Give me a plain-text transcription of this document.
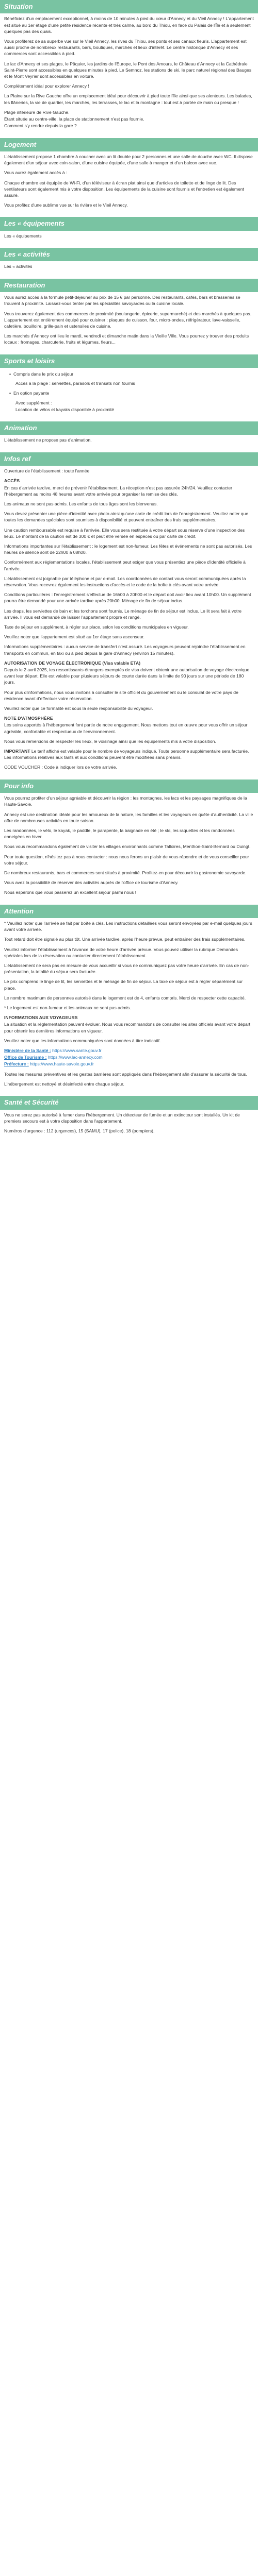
Situation

Bénéficiez d'un emplacement exceptionnel, à moins de 10 minutes à pied du cœur d'Annecy et du Vieil Annecy ! L'appartement est situé au 1er étage d'une petite résidence récente et très calme, au bord du Thiou, en face du Palais de l'Île et à seulement quelques pas des quais.

Vous profiterez de sa superbe vue sur le Vieil Annecy, les rives du Thiou, ses ponts et ses canaux fleuris. L'appartement est aussi proche de nombreux restaurants, bars, boutiques, marchés et lieux d'intérêt. Le centre historique d'Annecy et ses commerces sont accessibles à pied.

Le lac d'Annecy et ses plages, le Pâquier, les jardins de l'Europe, le Pont des Amours, le Château d'Annecy et la Cathédrale Saint-Pierre sont accessibles en quelques minutes à pied. Le Semnoz, les stations de ski, le parc naturel régional des Bauges et le Mont Veyrier sont accessibles en voiture.

Complètement idéal pour explorer Annecy !

La Plaine sur la Rive Gauche offre un emplacement idéal pour découvrir à pied toute l'île ainsi que ses alentours. Les balades, les flâneries, la vie de quartier, les marchés, les terrasses, le lac et la montagne : tout est à portée de main ou presque !

Plage intérieure de Rive Gauche.

Étant située au centre-ville, la place de stationnement n'est pas fournie.

Comment s'y rendre depuis la gare ?

Logement

L'établissement propose 1 chambre à coucher avec un lit double pour 2 personnes et une salle de douche avec WC. Il dispose également d'un séjour avec coin-salon, d'une cuisine équipée, d'une salle à manger et d'un balcon avec vue.

Vous aurez également accès à :

Chaque chambre est équipée de Wi-Fi, d'un téléviseur à écran plat ainsi que d'articles de toilette et de linge de lit. Des ventilateurs sont également mis à votre disposition. Les équipements de la cuisine sont fournis et l'entretien est également assuré.

Vous profitez d'une sublime vue sur la rivière et le Vieil Annecy.

Les « équipements

Les « équipements

Les « activités

Les « activités

Restauration

Vous aurez accès à la formule petit-déjeuner au prix de 15 € par personne. Des restaurants, cafés, bars et brasseries se trouvent à proximité. Laissez-vous tenter par les spécialités savoyardes ou la cuisine locale.

Vous trouverez également des commerces de proximité (boulangerie, épicerie, supermarché) et des marchés à quelques pas. L'appartement est entièrement équipé pour cuisiner : plaques de cuisson, four, micro-ondes, réfrigérateur, lave-vaisselle, cafetière, bouilloire, grille-pain et ustensiles de cuisine.

Les marchés d'Annecy ont lieu le mardi, vendredi et dimanche matin dans la Vieille Ville. Vous pourrez y trouver des produits locaux : fromages, charcuterie, fruits et légumes, fleurs...

Sports et loisirs
• Compris dans le prix du séjour

Accès à la plage : serviettes, parasols et transats non fournis

• En option payante

Avec supplément :

Location de vélos et kayaks disponible à proximité

Animation

L'établissement ne propose pas d'animation.

Infos ref

Ouverture de l'établissement : toute l'année

ACCÈS

En cas d'arrivée tardive, merci de prévenir l'établissement. La réception n'est pas assurée 24h/24. Veuillez contacter l'hébergement au moins 48 heures avant votre arrivée pour organiser la remise des clés.

Les animaux ne sont pas admis. Les enfants de tous âges sont les bienvenus.

Vous devez présenter une pièce d'identité avec photo ainsi qu'une carte de crédit lors de l'enregistrement. Veuillez noter que toutes les demandes spéciales sont soumises à disponibilité et peuvent entraîner des frais supplémentaires.

Une caution remboursable est requise à l'arrivée. Elle vous sera restituée à votre départ sous réserve d'une inspection des lieux. Le montant de la caution est de 300 € et peut être versée en espèces ou par carte de crédit.

Informations importantes sur l'établissement : le logement est non-fumeur. Les fêtes et événements ne sont pas autorisés. Les heures de silence sont de 22h00 à 08h00.

Conformément aux réglementations locales, l'établissement peut exiger que vous présentiez une pièce d'identité officielle à l'arrivée.

L'établissement est joignable par téléphone et par e-mail. Les coordonnées de contact vous seront communiquées après la réservation. Vous recevrez également les instructions d'accès et le code de la boîte à clés avant votre arrivée.

Conditions particulières : l'enregistrement s'effectue de 16h00 à 20h00 et le départ doit avoir lieu avant 10h00. Un supplément pourra être demandé pour une arrivée tardive après 20h00. Ménage de fin de séjour inclus.

Les draps, les serviettes de bain et les torchons sont fournis. Le ménage de fin de séjour est inclus. Le lit sera fait à votre arrivée. Il vous est demandé de laisser l'appartement propre et rangé.

Taxe de séjour en supplément, à régler sur place, selon les conditions municipales en vigueur.

Veuillez noter que l'appartement est situé au 1er étage sans ascenseur.

Informations supplémentaires : aucun service de transfert n'est assuré. Les voyageurs peuvent rejoindre l'établissement en transports en commun, en taxi ou à pied depuis la gare d'Annecy (environ 15 minutes).

AUTORISATION DE VOYAGE ÉLECTRONIQUE (Visa valable ETA)

Depuis le 2 avril 2025, les ressortissants étrangers exemptés de visa doivent obtenir une autorisation de voyage électronique avant leur départ. Elle est valable pour plusieurs séjours de courte durée dans la limite de 90 jours sur une période de 180 jours.

Pour plus d'informations, nous vous invitons à consulter le site officiel du gouvernement ou le consulat de votre pays de résidence avant d'effectuer votre réservation.

Veuillez noter que ce formalité est sous la seule responsabilité du voyageur.

NOTE D'ATMOSPHÈRE

Les soins apportés à l'hébergement font partie de notre engagement. Nous mettons tout en œuvre pour vous offrir un séjour agréable, confortable et respectueux de l'environnement.

Nous vous remercions de respecter les lieux, le voisinage ainsi que les équipements mis à votre disposition.

IMPORTANT Le tarif affiché est valable pour le nombre de voyageurs indiqué. Toute personne supplémentaire sera facturée. Les informations relatives aux tarifs et aux conditions peuvent être modifiées sans préavis.

CODE VOUCHER : Code à indiquer lors de votre arrivée.

Pour info

Vous pourrez profiter d'un séjour agréable et découvrir la région : les montagnes, les lacs et les paysages magnifiques de la Haute-Savoie.

Annecy est une destination idéale pour les amoureux de la nature, les familles et les voyageurs en quête d'authenticité. La ville offre de nombreuses activités en toute saison.

Les randonnées, le vélo, le kayak, le paddle, le parapente, la baignade en été ; le ski, les raquettes et les randonnées enneigées en hiver.

Nous vous recommandons également de visiter les villages environnants comme Talloires, Menthon-Saint-Bernard ou Duingt.

Pour toute question, n'hésitez pas à nous contacter : nous nous ferons un plaisir de vous répondre et de vous conseiller pour votre séjour.

De nombreux restaurants, bars et commerces sont situés à proximité. Profitez-en pour découvrir la gastronomie savoyarde.

Vous avez la possibilité de réserver des activités auprès de l'office de tourisme d'Annecy.

Nous espérons que vous passerez un excellent séjour parmi nous !

Attention

* Veuillez noter que l'arrivée se fait par boîte à clés. Les instructions détaillées vous seront envoyées par e-mail quelques jours avant votre arrivée.

Tout retard doit être signalé au plus tôt. Une arrivée tardive, après l'heure prévue, peut entraîner des frais supplémentaires.

Veuillez informer l'établissement à l'avance de votre heure d'arrivée prévue. Vous pouvez utiliser la rubrique Demandes spéciales lors de la réservation ou contacter directement l'établissement.

L'établissement ne sera pas en mesure de vous accueillir si vous ne communiquez pas votre heure d'arrivée. En cas de non-présentation, la totalité du séjour sera facturée.

Le prix comprend le linge de lit, les serviettes et le ménage de fin de séjour. La taxe de séjour est à régler séparément sur place.

Le nombre maximum de personnes autorisé dans le logement est de 4, enfants compris. Merci de respecter cette capacité.

* Le logement est non-fumeur et les animaux ne sont pas admis.

INFORMATIONS AUX VOYAGEURS

La situation et la réglementation peuvent évoluer. Nous vous recommandons de consulter les sites officiels avant votre départ pour obtenir les dernières informations en vigueur.

Veuillez noter que les informations communiquées sont données à titre indicatif.

Ministère de la Santé : https://www.sante.gouv.fr

Office de Tourisme : https://www.lac-annecy.com

Préfecture : https://www.haute-savoie.gouv.fr

Toutes les mesures préventives et les gestes barrières sont appliqués dans l'hébergement afin d'assurer la sécurité de tous.

L'hébergement est nettoyé et désinfecté entre chaque séjour.

Santé et Sécurité

Vous ne serez pas autorisé à fumer dans l'hébergement. Un détecteur de fumée et un extincteur sont installés. Un kit de premiers secours est à votre disposition dans l'appartement.

Numéros d'urgence : 112 (urgences), 15 (SAMU), 17 (police), 18 (pompiers).
